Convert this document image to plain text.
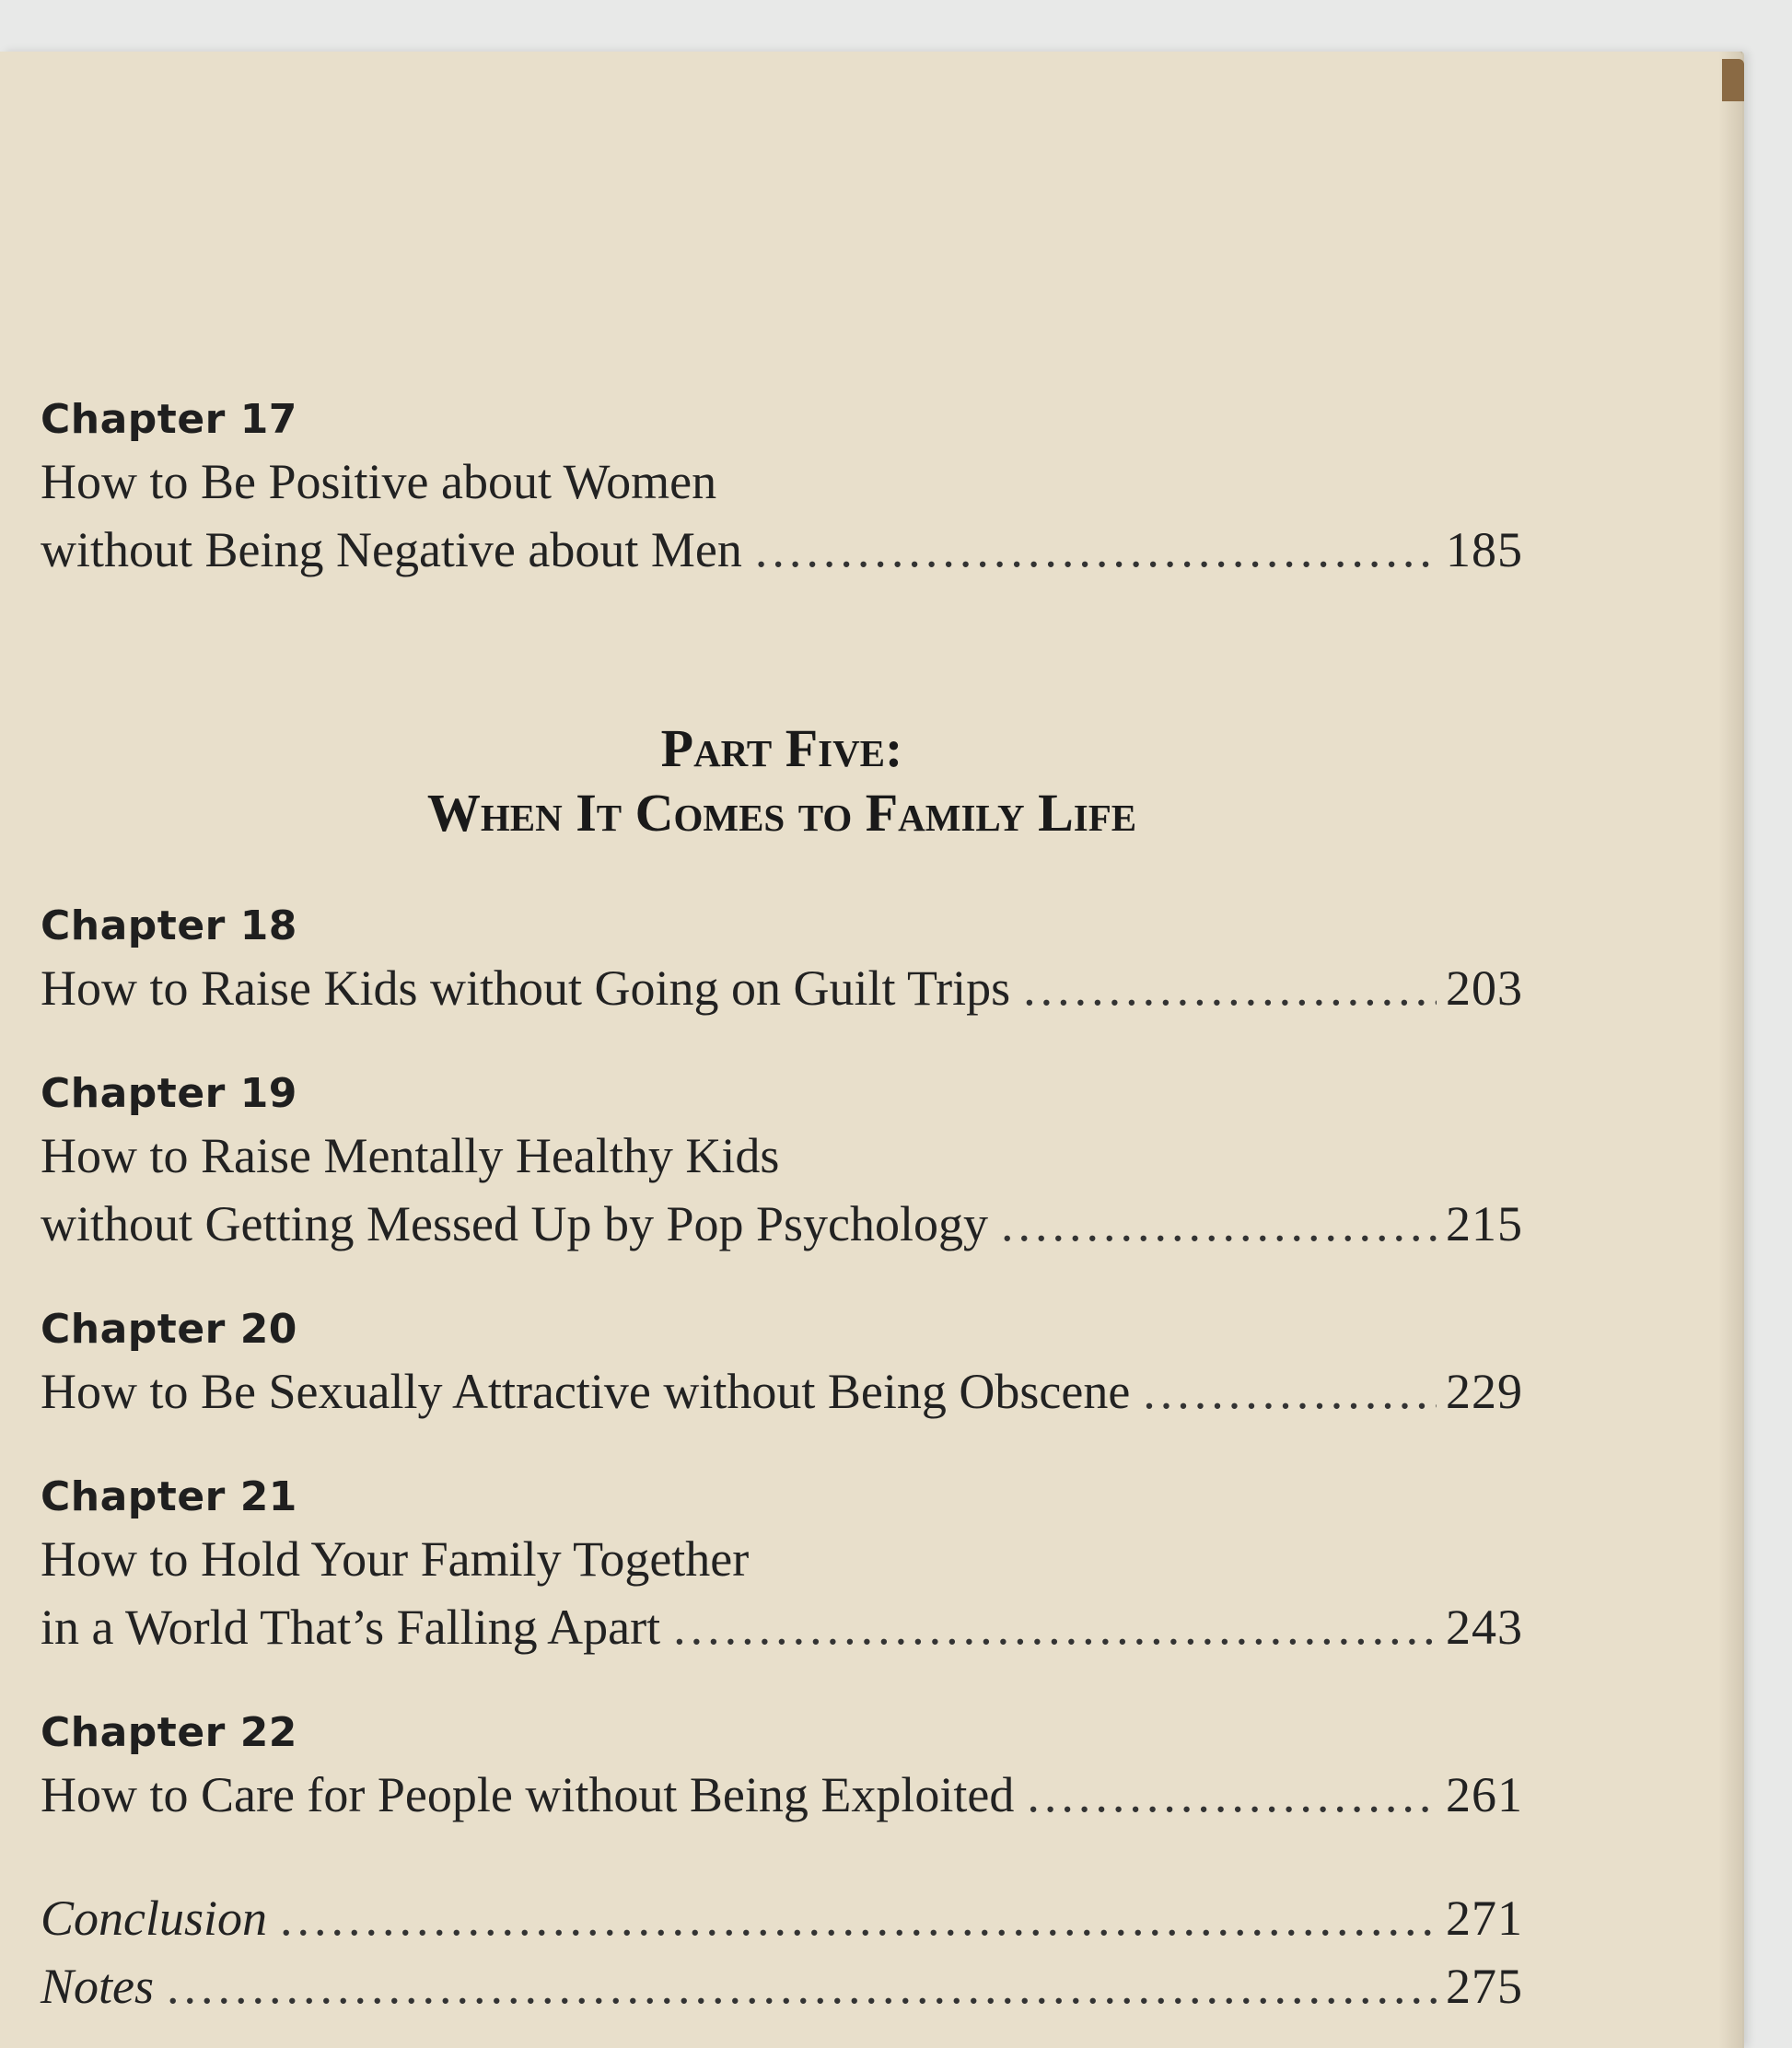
Chapter 17
How to Be Positive about Women
without Being Negative about Men .....	185
Part Five:
When It Comes to Family Life
Chapter 18
How to Raise Kids without Going on Guilt Trips .....	203
Chapter 19
How to Raise Mentally Healthy Kids
without Getting Messed Up by Pop Psychology .....	215
Chapter 20
How to Be Sexually Attractive without Being Obscene .....	229
Chapter 21
How to Hold Your Family Together
in a World That’s Falling Apart .....	243
Chapter 22
How to Care for People without Being Exploited .....	261
Conclusion .....	271
Notes .....	275
